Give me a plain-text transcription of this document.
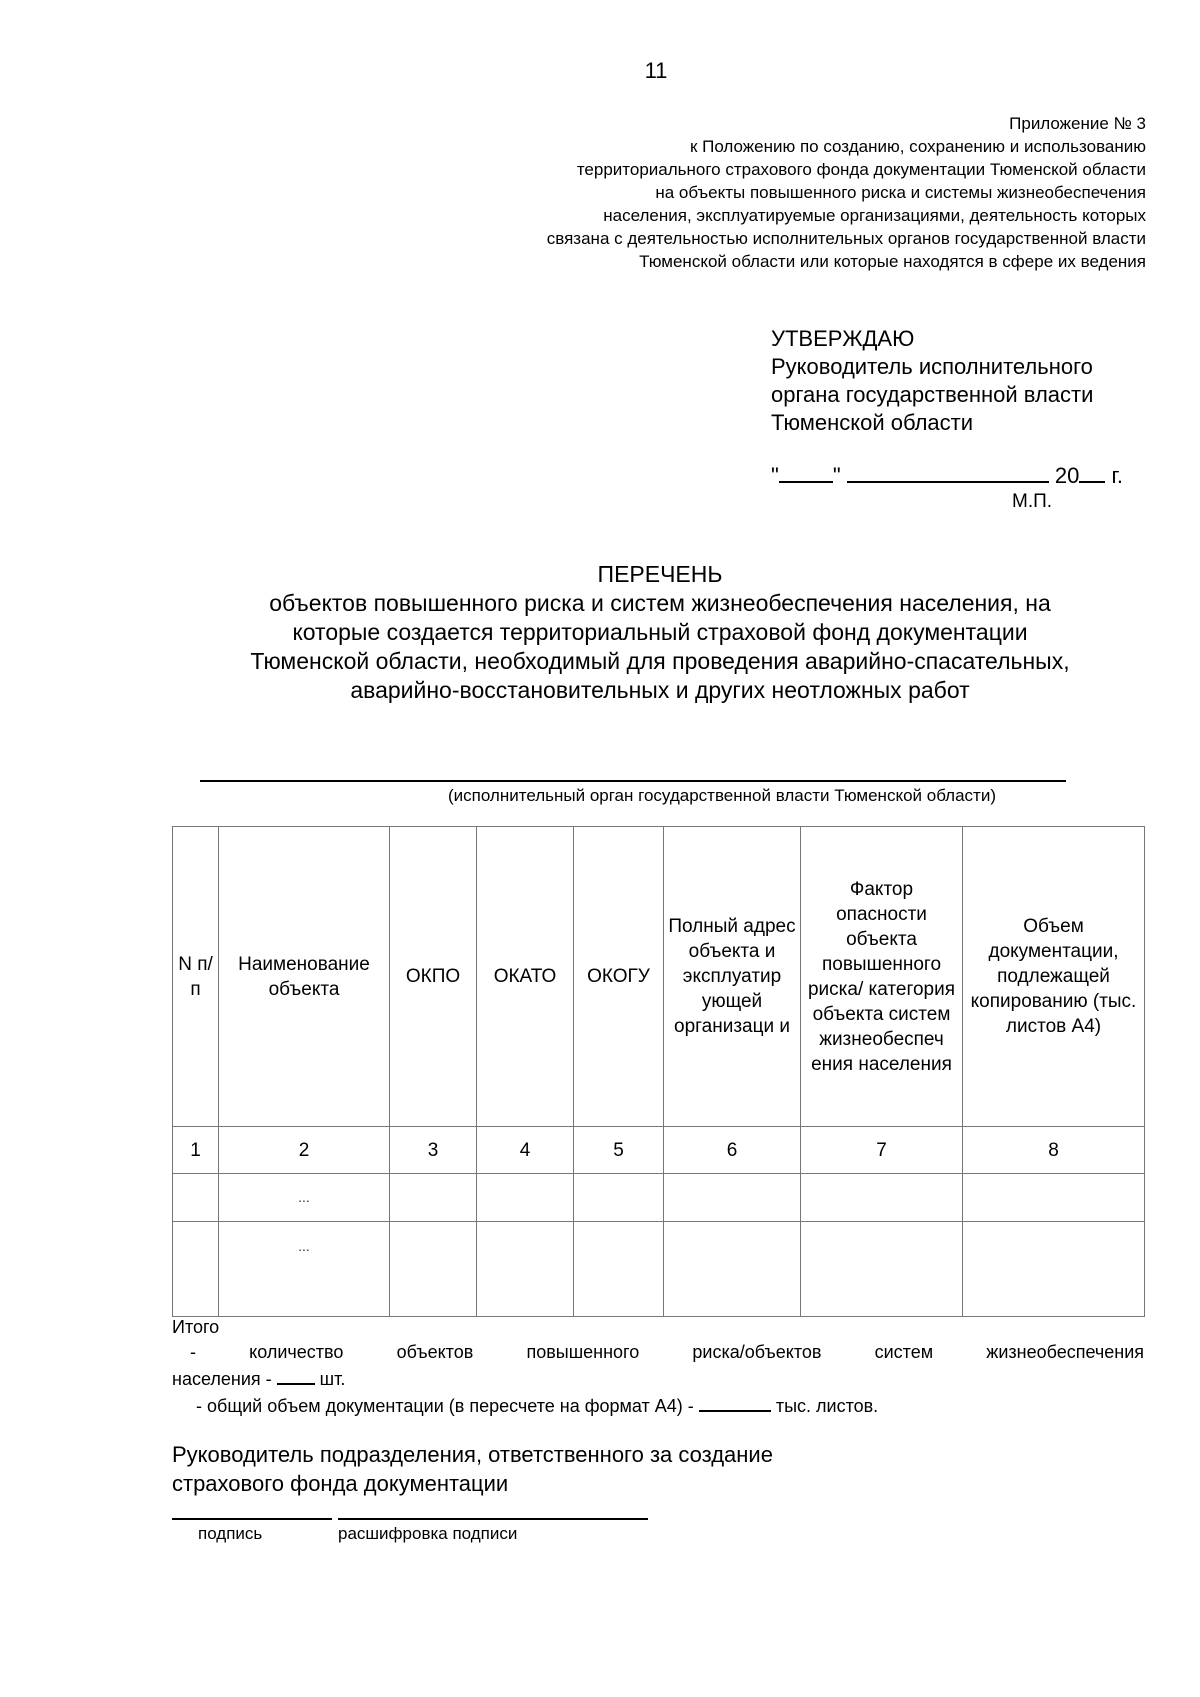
11
Приложение № 3
к Положению по созданию, сохранению и использованию
территориального страхового фонда документации Тюменской области
на объекты повышенного риска и системы жизнеобеспечения
населения, эксплуатируемые организациями, деятельность которых
связана с деятельностью исполнительных органов государственной власти
Тюменской области или которые находятся в сфере их ведения
УТВЕРЖДАЮ
Руководитель исполнительного
органа государственной власти
Тюменской области
" "	20 г.
М.П.
ПЕРЕЧЕНЬ
объектов повышенного риска и систем жизнеобеспечения населения, на
которые создается территориальный страховой фонд документации
Тюменской области, необходимый для проведения аварийно-спасательных,
аварийно-восстановительных и других неотложных работ
(исполнительный орган государственной власти Тюменской области)
N п/п	Наименование объекта	ОКПО	ОКАТО	ОКОГУ	Полный адрес объекта и эксплуатир ующей организаци и	Фактор опасности объекта повышенного риска/ категория объекта систем жизнеобеспеч ения населения	Объем документации, подлежащей копированию (тыс. листов А4)
1	2	3	4	5	6	7	8
	...						
	...						
Итого
- количество объектов повышенного риска/объектов систем жизнеобеспечения
населения -	шт.
- общий объем документации (в пересчете на формат А4) -	тыс. листов.
Руководитель подразделения, ответственного за создание
страхового фонда документации
подпись	расшифровка подписи
